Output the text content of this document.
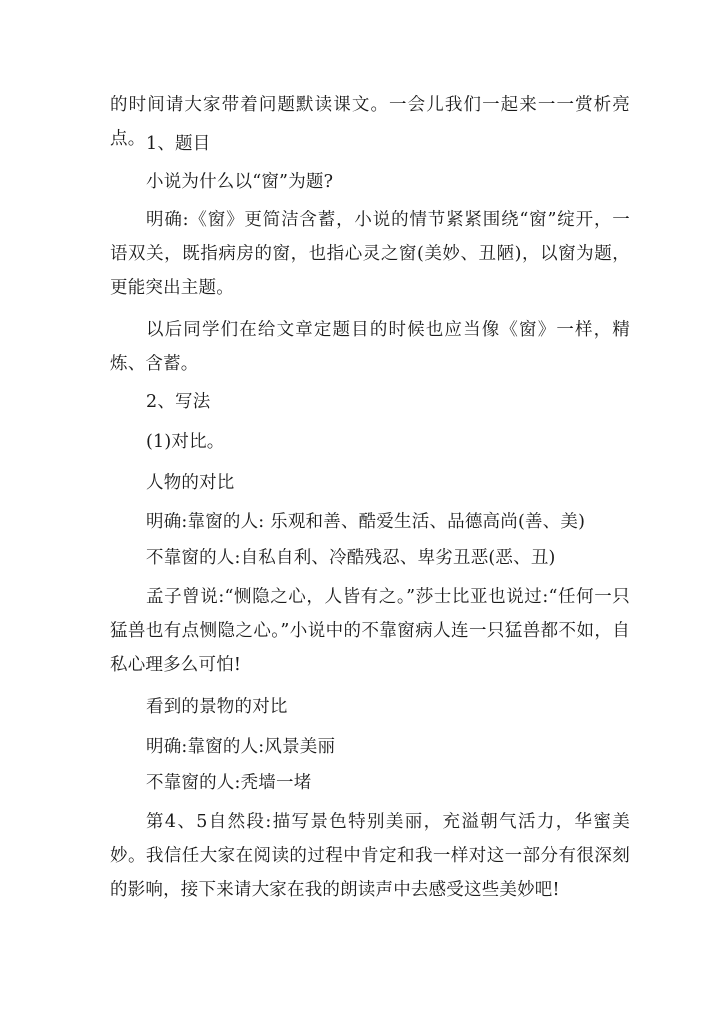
的时间请大家带着问题默读课文。一会儿我们一起来一一赏析亮点。 1、题目

小说为什么以“窗”为题?

明确:《窗》更简洁含蓄，小说的情节紧紧围绕“窗”绽开，一语双关，既指病房的窗，也指心灵之窗(美妙、丑陋)，以窗为题，更能突出主题。

以后同学们在给文章定题目的时候也应当像《窗》一样，精炼、含蓄。

2、写法

(1)对比。

人物的对比

明确:靠窗的人: 乐观和善、酷爱生活、品德高尚(善、美)

不靠窗的人:自私自利、冷酷残忍、卑劣丑恶(恶、丑)

孟子曾说:“恻隐之心，人皆有之。”莎士比亚也说过:“任何一只猛兽也有点恻隐之心。”小说中的不靠窗病人连一只猛兽都不如，自私心理多么可怕!

看到的景物的对比

明确:靠窗的人:风景美丽

不靠窗的人:秃墙一堵

第4、5自然段:描写景色特别美丽，充溢朝气活力，华蜜美妙。我信任大家在阅读的过程中肯定和我一样对这一部分有很深刻的影响，接下来请大家在我的朗读声中去感受这些美妙吧!
